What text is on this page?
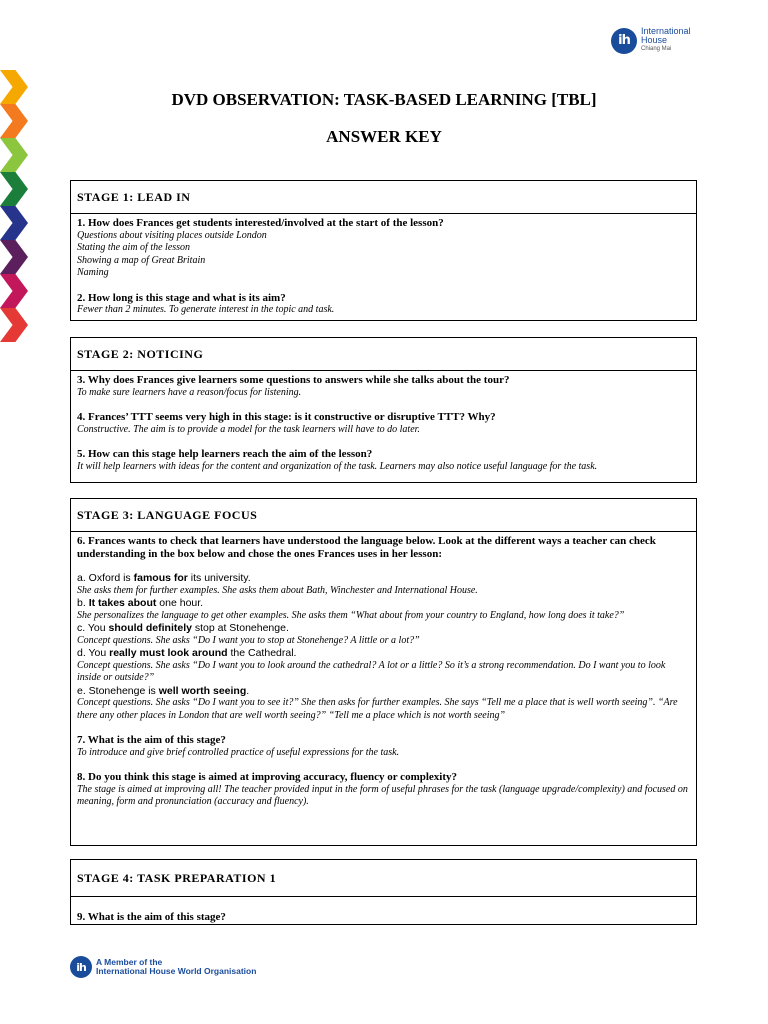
ih
International
House
Chiang Mai
DVD OBSERVATION: TASK-BASED LEARNING [TBL]
ANSWER KEY
STAGE 1: LEAD IN
1. How does Frances get students interested/involved at the start of the lesson?
Questions about visiting places outside London
Stating the aim of the lesson
Showing a map of Great Britain
Naming
2. How long is this stage and what is its aim?
Fewer than 2 minutes. To generate interest in the topic and task.
STAGE 2: NOTICING
3. Why does Frances give learners some questions to answers while she talks about the tour?
To make sure learners have a reason/focus for listening.
4. Frances’ TTT seems very high in this stage: is it constructive or disruptive TTT? Why?
Constructive. The aim is to provide a model for the task learners will have to do later.
5. How can this stage help learners reach the aim of the lesson?
It will help learners with ideas for the content and organization of the task. Learners may also notice useful language for the task.
STAGE 3: LANGUAGE FOCUS
6. Frances wants to check that learners have understood the language below. Look at the different ways a teacher can check understanding in the box below and chose the ones Frances uses in her lesson:
a. Oxford is famous for its university.
She asks them for further examples. She asks them about Bath, Winchester and International House.
b. It takes about one hour.
She personalizes the language to get other examples. She asks them “What about from your country to England, how long does it take?”
c. You should definitely stop at Stonehenge.
Concept questions. She asks “Do I want you to stop at Stonehenge? A little or a lot?”
d. You really must look around the Cathedral.
Concept questions. She asks “Do I want you to look around the cathedral? A lot or a little? So it’s a strong recommendation. Do I want you to look inside or outside?”
e. Stonehenge is well worth seeing.
Concept questions. She asks “Do I want you to see it?” She then asks for further examples. She says “Tell me a place that is well worth seeing”. “Are there any other places in London that are well worth seeing?” “Tell me a place which is not worth seeing”
7. What is the aim of this stage?
To introduce and give brief controlled practice of useful expressions for the task.
8. Do you think this stage is aimed at improving accuracy, fluency or complexity?
The stage is aimed at improving all! The teacher provided input in the form of useful phrases for the task (language upgrade/complexity) and focused on meaning, form and pronunciation (accuracy and fluency).
STAGE 4: TASK PREPARATION 1
9. What is the aim of this stage?
ih	A Member of the
International House World Organisation
